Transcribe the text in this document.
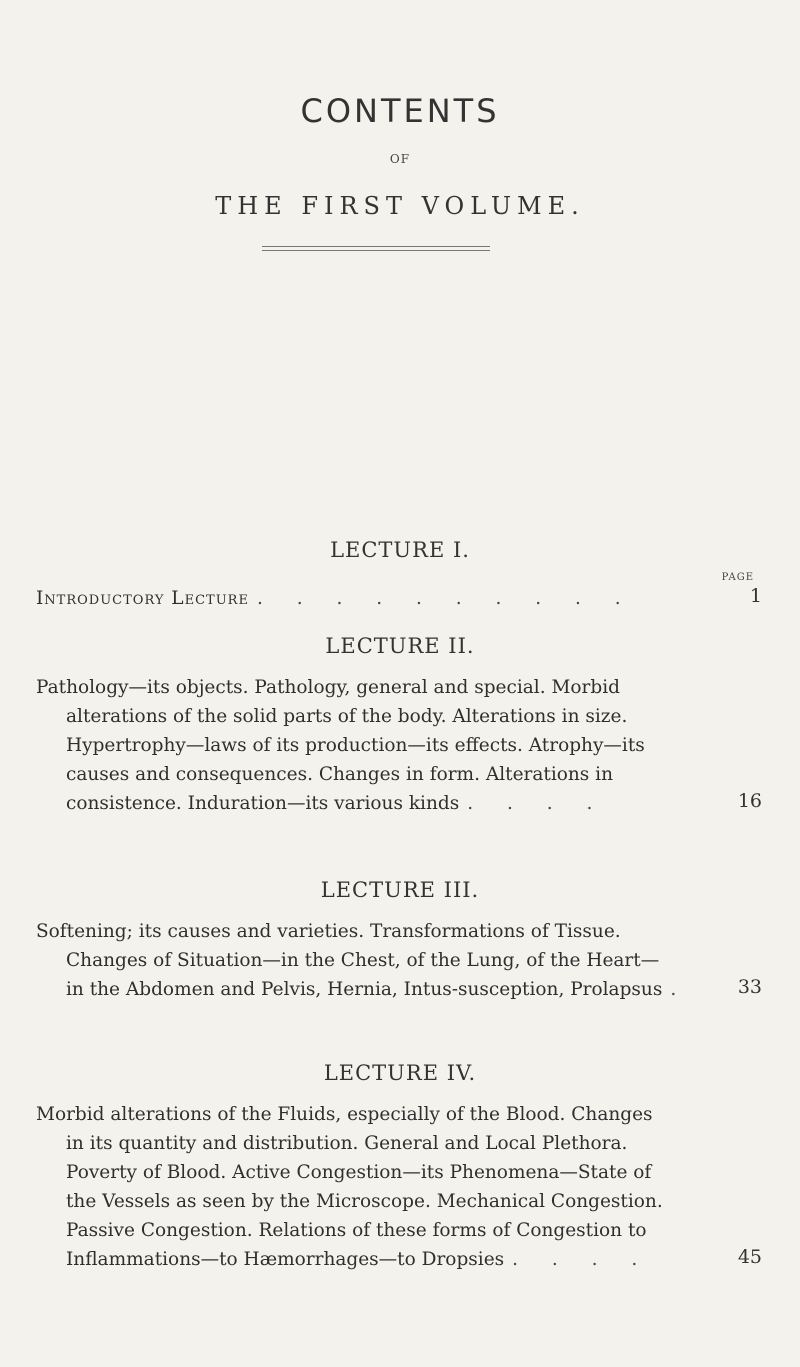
CONTENTS
OF
THE FIRST VOLUME.
LECTURE I.
PAGE
Introductory Lecture . . . . . . . . . .	1
LECTURE II.
Pathology—its objects. Pathology, general and special. Morbid
alterations of the solid parts of the body. Alterations in size.
Hypertrophy—laws of its production—its effects. Atrophy—its
causes and consequences. Changes in form. Alterations in
consistence. Induration—its various kinds . . . .	16
LECTURE III.
Softening; its causes and varieties. Transformations of Tissue.
Changes of Situation—in the Chest, of the Lung, of the Heart—
in the Abdomen and Pelvis, Hernia, Intus-susception, Prolapsus .	33
LECTURE IV.
Morbid alterations of the Fluids, especially of the Blood. Changes
in its quantity and distribution. General and Local Plethora.
Poverty of Blood. Active Congestion—its Phenomena—State of
the Vessels as seen by the Microscope. Mechanical Congestion.
Passive Congestion. Relations of these forms of Congestion to
Inflammations—to Hæmorrhages—to Dropsies . . . .	45
